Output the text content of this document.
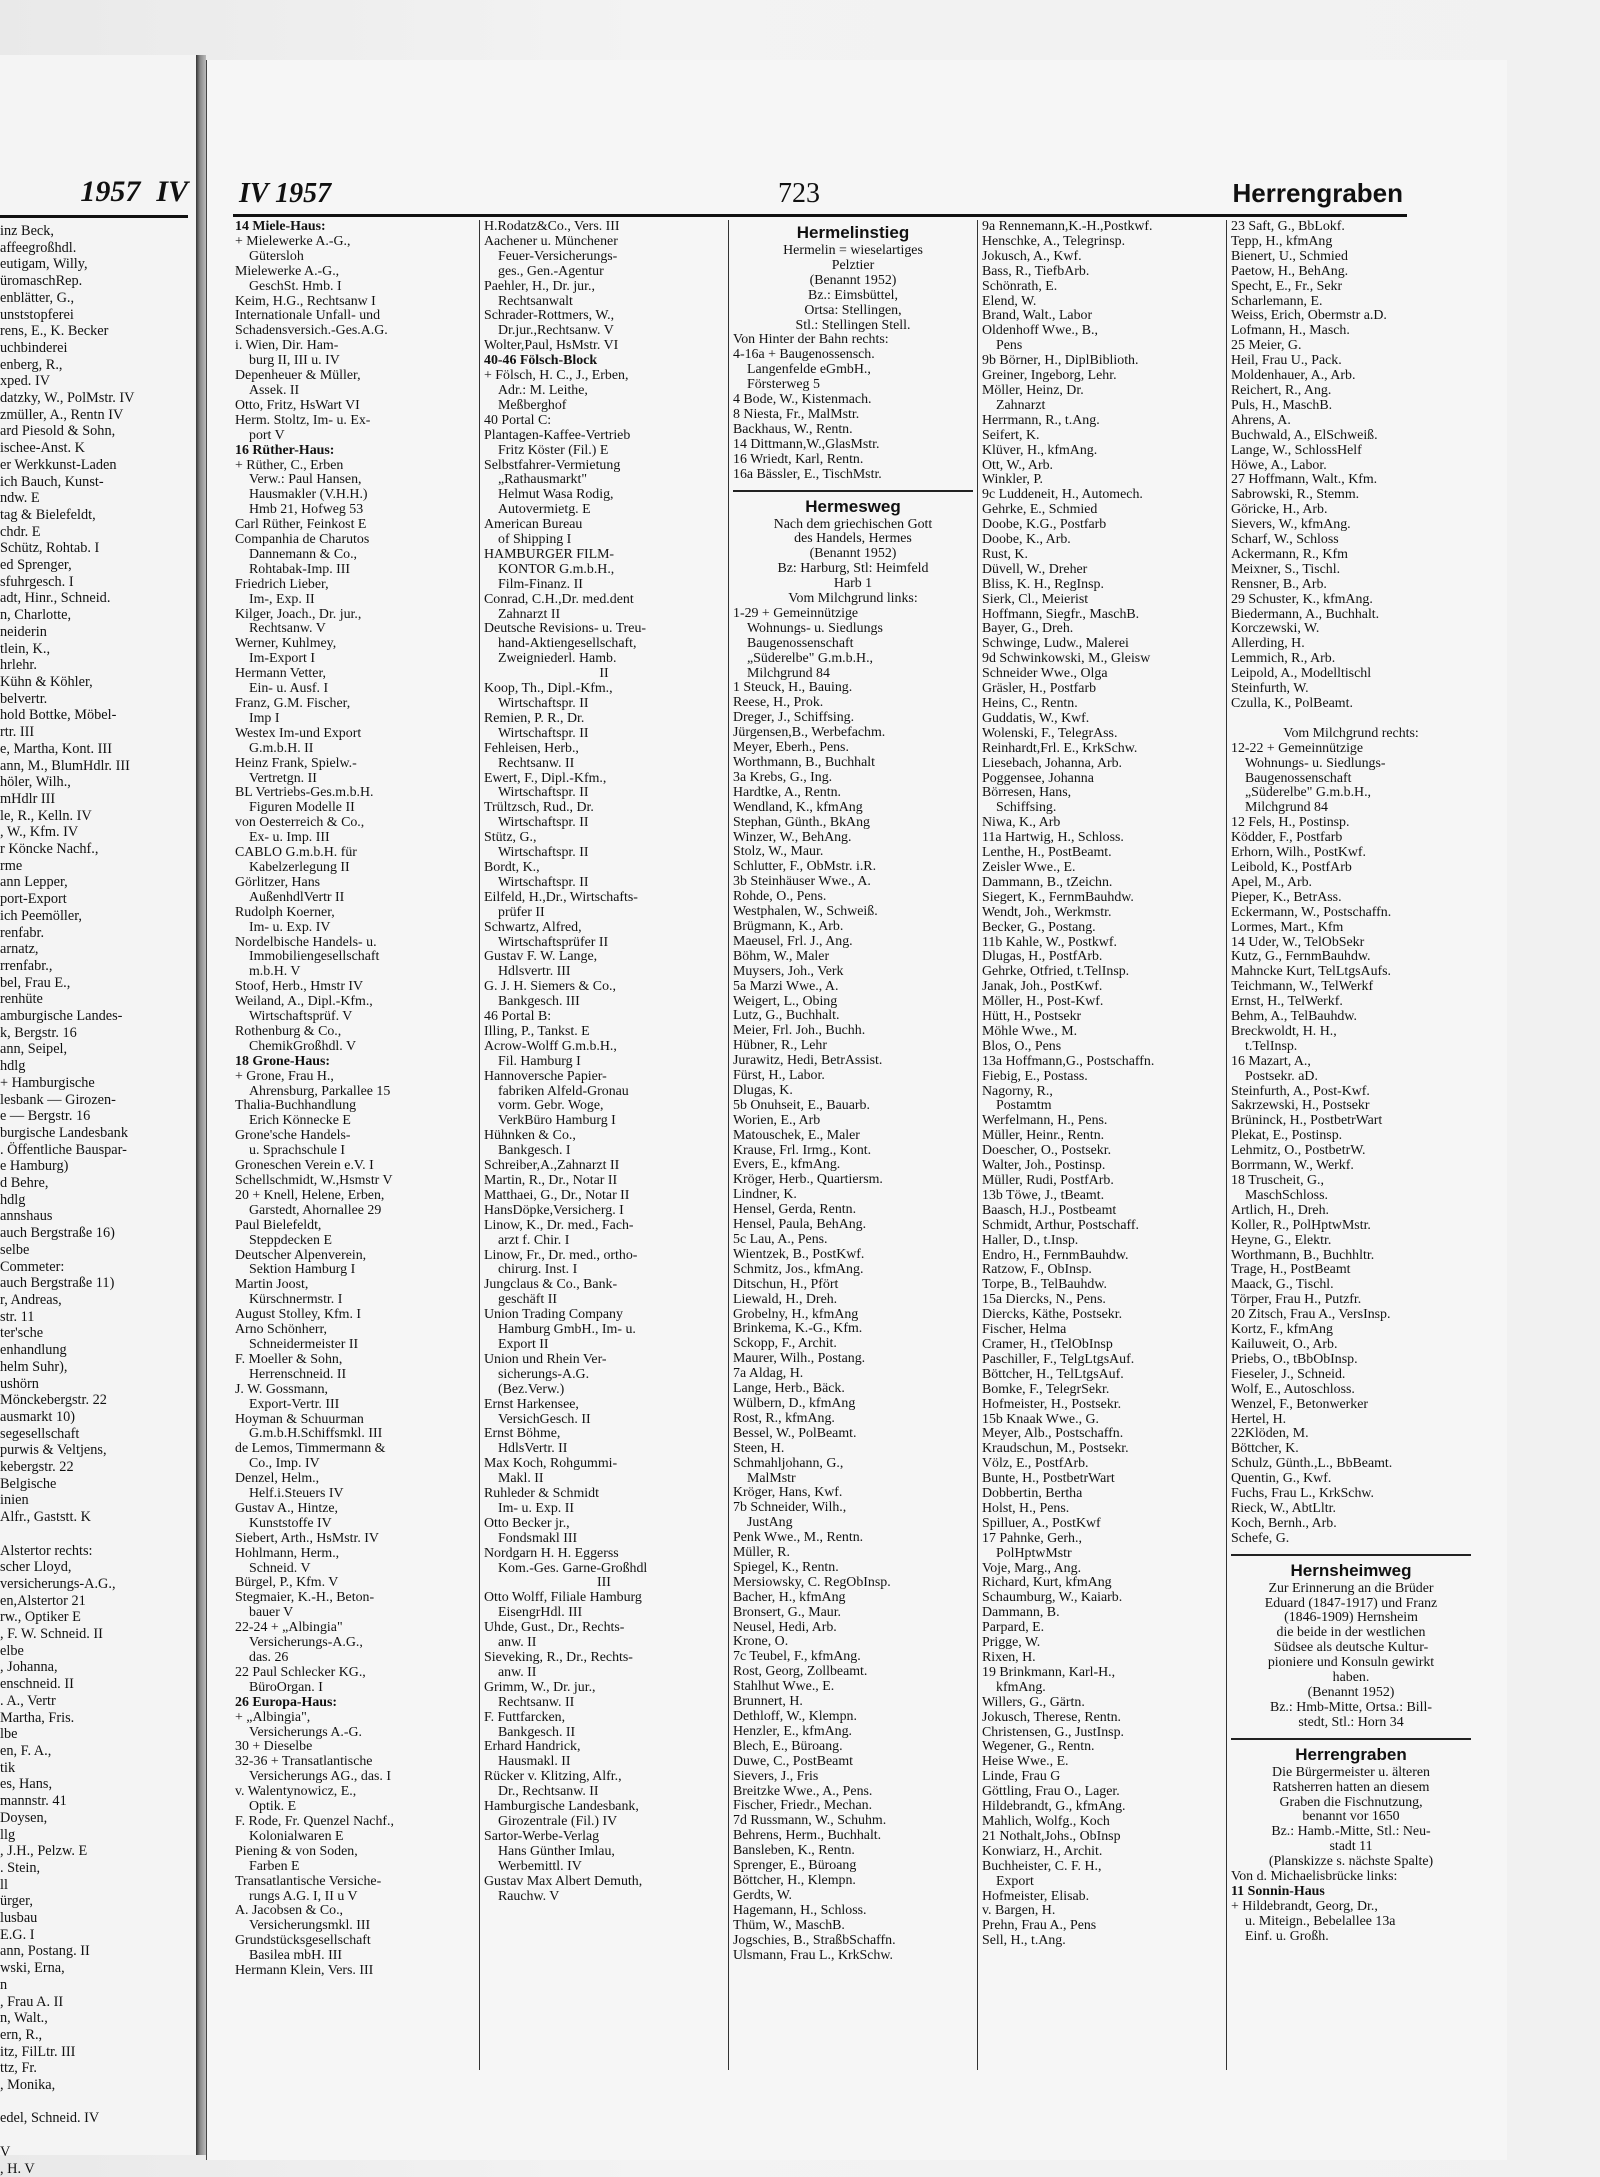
1957 IV
inz Beck,
affeegroßhdl.
eutigam, Willy,
üromaschRep.
enblätter, G.,
unststopferei
rens, E., K. Becker
uchbinderei
enberg, R.,
xped. IV
datzky, W., PolMstr. IV
zmüller, A., Rentn IV
ard Piesold & Sohn,
ischee-Anst. K
er Werkkunst-Laden
ich Bauch, Kunst-
ndw. E
tag & Bielefeldt,
chdr. E
Schütz, Rohtab. I
ed Sprenger,
sfuhrgesch. I
adt, Hinr., Schneid.
n, Charlotte,
neiderin
tlein, K.,
hrlehr.
Kühn & Köhler,
belvertr.
hold Bottke, Möbel-
rtr. III
e, Martha, Kont. III
ann, M., BlumHdlr. III
höler, Wilh.,
mHdlr III
le, R., Kelln. IV
, W., Kfm. IV
r Köncke Nachf.,
rme
ann Lepper,
port-Export
ich Peemöller,
renfabr.
arnatz,
rrenfabr.,
bel, Frau E.,
renhüte
amburgische Landes-
k, Bergstr. 16
ann, Seipel,
hdlg
+ Hamburgische
lesbank — Girozen-
e — Bergstr. 16
burgische Landesbank
. Öffentliche Bauspar-
e Hamburg)
d Behre,
hdlg
annshaus
auch Bergstraße 16)
selbe
Commeter:
auch Bergstraße 11)
r, Andreas,
str. 11
ter'sche
enhandlung
helm Suhr),
ushörn
Mönckebergstr. 22
ausmarkt 10)
segesellschaft
purwis & Veltjens,
kebergstr. 22
Belgische
inien
Alfr., Gaststt. K

Alstertor rechts:
scher Lloyd,
versicherungs-A.G.,
en,Alstertor 21
rw., Optiker E
, F. W. Schneid. II
elbe
, Johanna,
enschneid. II
. A., Vertr
Martha, Fris.
lbe
en, F. A.,
tik
es, Hans,
mannstr. 41
Doysen,
llg
, J.H., Pelzw. E
. Stein,
ll
ürger,
lusbau
E.G. I
ann, Postang. II
wski, Erna,
n
, Frau A. II
n, Walt.,
ern, R.,
itz, FilLtr. III
ttz, Fr.
, Monika,

edel, Schneid. IV

V
, H. V
IV 1957	723	Herrengraben
14 Miele-Haus:
+ Mielewerke A.-G.,
Gütersloh
Mielewerke A.-G.,
GeschSt. Hmb. I
Keim, H.G., Rechtsanw I
Internationale Unfall- und
Schadensversich.-Ges.A.G.
i. Wien, Dir. Ham-
burg II, III u. IV
Depenheuer & Müller,
Assek. II
Otto, Fritz, HsWart VI
Herm. Stoltz, Im- u. Ex-
port V
16 Rüther-Haus:
+ Rüther, C., Erben
Verw.: Paul Hansen,
Hausmakler (V.H.H.)
Hmb 21, Hofweg 53
Carl Rüther, Feinkost E
Companhia de Charutos
Dannemann & Co.,
Rohtabak-Imp. III
Friedrich Lieber,
Im-, Exp. II
Kilger, Joach., Dr. jur.,
Rechtsanw. V
Werner, Kuhlmey,
Im-Export I
Hermann Vetter,
Ein- u. Ausf. I
Franz, G.M. Fischer,
Imp I
Westex Im-und Export
G.m.b.H. II
Heinz Frank, Spielw.-
Vertretgn. II
BL Vertriebs-Ges.m.b.H.
Figuren Modelle II
von Oesterreich & Co.,
Ex- u. Imp. III
CABLO G.m.b.H. für
Kabelzerlegung II
Görlitzer, Hans
AußenhdlVertr II
Rudolph Koerner,
Im- u. Exp. IV
Nordelbische Handels- u.
Immobiliengesellschaft
m.b.H. V
Stoof, Herb., Hmstr IV
Weiland, A., Dipl.-Kfm.,
Wirtschaftsprüf. V
Rothenburg & Co.,
ChemikGroßhdl. V
18 Grone-Haus:
+ Grone, Frau H.,
Ahrensburg, Parkallee 15
Thalia-Buchhandlung
Erich Könnecke E
Grone'sche Handels-
u. Sprachschule I
Groneschen Verein e.V. I
Schellschmidt, W.,Hsmstr V
20 + Knell, Helene, Erben,
Garstedt, Ahornallee 29
Paul Bielefeldt,
Steppdecken E
Deutscher Alpenverein,
Sektion Hamburg I
Martin Joost,
Kürschnermstr. I
August Stolley, Kfm. I
Arno Schönherr,
Schneidermeister II
F. Moeller & Sohn,
Herrenschneid. II
J. W. Gossmann,
Export-Vertr. III
Hoyman & Schuurman
G.m.b.H.Schiffsmkl. III
de Lemos, Timmermann &
Co., Imp. IV
Denzel, Helm.,
Helf.i.Steuers IV
Gustav A., Hintze,
Kunststoffe IV
Siebert, Arth., HsMstr. IV
Hohlmann, Herm.,
Schneid. V
Bürgel, P., Kfm. V
Stegmaier, K.-H., Beton-
bauer V
22-24 + „Albingia"
Versicherungs-A.G.,
das. 26
22 Paul Schlecker KG.,
BüroOrgan. I
26 Europa-Haus:
+ „Albingia",
Versicherungs A.-G.
30 + Dieselbe
32-36 + Transatlantische
Versicherungs AG., das. I
v. Walentynowicz, E.,
Optik. E
F. Rode, Fr. Quenzel Nachf.,
Kolonialwaren E
Piening & von Soden,
Farben E
Transatlantische Versiche-
rungs A.G. I, II u V
A. Jacobsen & Co.,
Versicherungsmkl. III
Grundstücksgesellschaft
Basilea mbH. III
Hermann Klein, Vers. III
H.Rodatz&Co., Vers. III
Aachener u. Münchener
Feuer-Versicherungs-
ges., Gen.-Agentur
Paehler, H., Dr. jur.,
Rechtsanwalt
Schrader-Rottmers, W.,
Dr.jur.,Rechtsanw. V
Wolter,Paul, HsMstr. VI
40-46 Fölsch-Block
+ Fölsch, H. C., J., Erben,
Adr.: M. Leithe,
Meßberghof
40 Portal C:
Plantagen-Kaffee-Vertrieb
Fritz Köster (Fil.) E
Selbstfahrer-Vermietung
„Rathausmarkt"
Helmut Wasa Rodig,
Autovermietg. E
American Bureau
of Shipping I
HAMBURGER FILM-
KONTOR G.m.b.H.,
Film-Finanz. II
Conrad, C.H.,Dr. med.dent
Zahnarzt II
Deutsche Revisions- u. Treu-
hand-Aktiengesellschaft,
Zweigniederl. Hamb.
II
Koop, Th., Dipl.-Kfm.,
Wirtschaftspr. II
Remien, P. R., Dr.
Wirtschaftspr. II
Fehleisen, Herb.,
Rechtsanw. II
Ewert, F., Dipl.-Kfm.,
Wirtschaftspr. II
Trültzsch, Rud., Dr.
Wirtschaftspr. II
Stütz, G.,
Wirtschaftspr. II
Bordt, K.,
Wirtschaftspr. II
Eilfeld, H.,Dr., Wirtschafts-
prüfer II
Schwartz, Alfred,
Wirtschaftsprüfer II
Gustav F. W. Lange,
Hdlsvertr. III
G. J. H. Siemers & Co.,
Bankgesch. III
46 Portal B:
Illing, P., Tankst. E
Acrow-Wolff G.m.b.H.,
Fil. Hamburg I
Hannoversche Papier-
fabriken Alfeld-Gronau
vorm. Gebr. Woge,
VerkBüro Hamburg I
Hühnken & Co.,
Bankgesch. I
Schreiber,A.,Zahnarzt II
Martin, R., Dr., Notar II
Matthaei, G., Dr., Notar II
HansDöpke,Versicherg. I
Linow, K., Dr. med., Fach-
arzt f. Chir. I
Linow, Fr., Dr. med., ortho-
chirurg. Inst. I
Jungclaus & Co., Bank-
geschäft II
Union Trading Company
Hamburg GmbH., Im- u.
Export II
Union und Rhein Ver-
sicherungs-A.G.
(Bez.Verw.)
Ernst Harkensee,
VersichGesch. II
Ernst Böhme,
HdlsVertr. II
Max Koch, Rohgummi-
Makl. II
Ruhleder & Schmidt
Im- u. Exp. II
Otto Becker jr.,
Fondsmakl III
Nordgarn H. H. Eggerss
Kom.-Ges. Garne-Großhdl
III
Otto Wolff, Filiale Hamburg
EisengrHdl. III
Uhde, Gust., Dr., Rechts-
anw. II
Sieveking, R., Dr., Rechts-
anw. II
Grimm, W., Dr. jur.,
Rechtsanw. II
F. Futtfarcken,
Bankgesch. II
Erhard Handrick,
Hausmakl. II
Rücker v. Klitzing, Alfr.,
Dr., Rechtsanw. II
Hamburgische Landesbank,
Girozentrale (Fil.) IV
Sartor-Werbe-Verlag
Hans Günther Imlau,
Werbemittl. IV
Gustav Max Albert Demuth,
Rauchw. V
Hermelinstieg
Hermelin = wieselartiges
Pelztier
(Benannt 1952)
Bz.: Eimsbüttel,
Ortsa: Stellingen,
Stl.: Stellingen Stell.
Von Hinter der Bahn rechts:
4-16a + Baugenossensch.
Langenfelde eGmbH.,
Försterweg 5
4 Bode, W., Kistenmach.
8 Niesta, Fr., MalMstr.
Backhaus, W., Rentn.
14 Dittmann,W.,GlasMstr.
16 Wriedt, Karl, Rentn.
16a Bässler, E., TischMstr.
Hermesweg
Nach dem griechischen Gott
des Handels, Hermes
(Benannt 1952)
Bz: Harburg, Stl: Heimfeld
Harb 1
Vom Milchgrund links:
1-29 + Gemeinnützige
Wohnungs- u. Siedlungs
Baugenossenschaft
„Süderelbe" G.m.b.H.,
Milchgrund 84
1 Steuck, H., Bauing.
Reese, H., Prok.
Dreger, J., Schiffsing.
Jürgensen,B., Werbefachm.
Meyer, Eberh., Pens.
Worthmann, B., Buchhalt
3a Krebs, G., Ing.
Hardtke, A., Rentn.
Wendland, K., kfmAng
Stephan, Günth., BkAng
Winzer, W., BehAng.
Stolz, W., Maur.
Schlutter, F., ObMstr. i.R.
3b Steinhäuser Wwe., A.
Rohde, O., Pens.
Westphalen, W., Schweiß.
Brügmann, K., Arb.
Maeusel, Frl. J., Ang.
Böhm, W., Maler
Muysers, Joh., Verk
5a Marzi Wwe., A.
Weigert, L., Obing
Lutz, G., Buchhalt.
Meier, Frl. Joh., Buchh.
Hübner, R., Lehr
Jurawitz, Hedi, BetrAssist.
Fürst, H., Labor.
Dlugas, K.
5b Onuhseit, E., Bauarb.
Worien, E., Arb
Matouschek, E., Maler
Krause, Frl. Irmg., Kont.
Evers, E., kfmAng.
Kröger, Herb., Quartiersm.
Lindner, K.
Hensel, Gerda, Rentn.
Hensel, Paula, BehAng.
5c Lau, A., Pens.
Wientzek, B., PostKwf.
Schmitz, Jos., kfmAng.
Ditschun, H., Pfört
Liewald, H., Dreh.
Grobelny, H., kfmAng
Brinkema, K.-G., Kfm.
Sckopp, F., Archit.
Maurer, Wilh., Postang.
7a Aldag, H.
Lange, Herb., Bäck.
Wülbern, D., kfmAng
Rost, R., kfmAng.
Bessel, W., PolBeamt.
Steen, H.
Schmahljohann, G.,
MalMstr
Kröger, Hans, Kwf.
7b Schneider, Wilh.,
JustAng
Penk Wwe., M., Rentn.
Müller, R.
Spiegel, K., Rentn.
Mersiowsky, C. RegObInsp.
Bacher, H., kfmAng
Bronsert, G., Maur.
Neusel, Hedi, Arb.
Krone, O.
7c Teubel, F., kfmAng.
Rost, Georg, Zollbeamt.
Stahlhut Wwe., E.
Brunnert, H.
Dethloff, W., Klempn.
Henzler, E., kfmAng.
Blech, E., Büroang.
Duwe, C., PostBeamt
Sievers, J., Fris
Breitzke Wwe., A., Pens.
Fischer, Friedr., Mechan.
7d Russmann, W., Schuhm.
Behrens, Herm., Buchhalt.
Bansleben, K., Rentn.
Sprenger, E., Büroang
Böttcher, H., Klempn.
Gerdts, W.
Hagemann, H., Schloss.
Thüm, W., MaschB.
Jogschies, B., StraßbSchaffn.
Ulsmann, Frau L., KrkSchw.
9a Rennemann,K.-H.,Postkwf.
Henschke, A., Telegrinsp.
Jokusch, A., Kwf.
Bass, R., TiefbArb.
Schönrath, E.
Elend, W.
Brand, Walt., Labor
Oldenhoff Wwe., B.,
Pens
9b Börner, H., DiplBiblioth.
Greiner, Ingeborg, Lehr.
Möller, Heinz, Dr.
Zahnarzt
Herrmann, R., t.Ang.
Seifert, K.
Klüver, H., kfmAng.
Ott, W., Arb.
Winkler, P.
9c Luddeneit, H., Automech.
Gehrke, E., Schmied
Doobe, K.G., Postfarb
Doobe, K., Arb.
Rust, K.
Düvell, W., Dreher
Bliss, K. H., RegInsp.
Sierk, Cl., Meierist
Hoffmann, Siegfr., MaschB.
Bayer, G., Dreh.
Schwinge, Ludw., Malerei
9d Schwinkowski, M., Gleisw
Schneider Wwe., Olga
Gräsler, H., Postfarb
Heins, C., Rentn.
Guddatis, W., Kwf.
Wolenski, F., TelegrAss.
Reinhardt,Frl. E., KrkSchw.
Liesebach, Johanna, Arb.
Poggensee, Johanna
Börresen, Hans,
Schiffsing.
Niwa, K., Arb
11a Hartwig, H., Schloss.
Lenthe, H., PostBeamt.
Zeisler Wwe., E.
Dammann, B., tZeichn.
Siegert, K., FernmBauhdw.
Wendt, Joh., Werkmstr.
Becker, G., Postang.
11b Kahle, W., Postkwf.
Dlugas, H., PostfArb.
Gehrke, Otfried, t.TelInsp.
Janak, Joh., PostKwf.
Möller, H., Post-Kwf.
Hütt, H., Postsekr
Möhle Wwe., M.
Blos, O., Pens
13a Hoffmann,G., Postschaffn.
Fiebig, E., Postass.
Nagorny, R.,
Postamtm
Werfelmann, H., Pens.
Müller, Heinr., Rentn.
Doescher, O., Postsekr.
Walter, Joh., Postinsp.
Müller, Rudi, PostfArb.
13b Töwe, J., tBeamt.
Baasch, H.J., Postbeamt
Schmidt, Arthur, Postschaff.
Haller, D., t.Insp.
Endro, H., FernmBauhdw.
Ratzow, F., ObInsp.
Torpe, B., TelBauhdw.
15a Diercks, N., Pens.
Diercks, Käthe, Postsekr.
Fischer, Helma
Cramer, H., tTelObInsp
Paschiller, F., TelgLtgsAuf.
Böttcher, H., TelLtgsAuf.
Bomke, F., TelegrSekr.
Hofmeister, H., Postsekr.
15b Knaak Wwe., G.
Meyer, Alb., Postschaffn.
Kraudschun, M., Postsekr.
Völz, E., PostfArb.
Bunte, H., PostbetrWart
Dobbertin, Bertha
Holst, H., Pens.
Spilluer, A., PostKwf
17 Pahnke, Gerh.,
PolHptwMstr
Voje, Marg., Ang.
Richard, Kurt, kfmAng
Schaumburg, W., Kaiarb.
Dammann, B.
Parpard, E.
Prigge, W.
Rixen, H.
19 Brinkmann, Karl-H.,
kfmAng.
Willers, G., Gärtn.
Jokusch, Therese, Rentn.
Christensen, G., JustInsp.
Wegener, G., Rentn.
Heise Wwe., E.
Linde, Frau G
Göttling, Frau O., Lager.
Hildebrandt, G., kfmAng.
Mahlich, Wolfg., Koch
21 Nothalt,Johs., ObInsp
Konwiarz, H., Archit.
Buchheister, C. F. H.,
Export
Hofmeister, Elisab.
v. Bargen, H.
Prehn, Frau A., Pens
Sell, H., t.Ang.
23 Saft, G., BbLokf.
Tepp, H., kfmAng
Bienert, U., Schmied
Paetow, H., BehAng.
Specht, E., Fr., Sekr
Scharlemann, E.
Weiss, Erich, Obermstr a.D.
Lofmann, H., Masch.
25 Meier, G.
Heil, Frau U., Pack.
Moldenhauer, A., Arb.
Reichert, R., Ang.
Puls, H., MaschB.
Ahrens, A.
Buchwald, A., ElSchweiß.
Lange, W., SchlossHelf
Höwe, A., Labor.
27 Hoffmann, Walt., Kfm.
Sabrowski, R., Stemm.
Göricke, H., Arb.
Sievers, W., kfmAng.
Scharf, W., Schloss
Ackermann, R., Kfm
Meixner, S., Tischl.
Rensner, B., Arb.
29 Schuster, K., kfmAng.
Biedermann, A., Buchhalt.
Korczewski, W.
Allerding, H.
Lemmich, R., Arb.
Leipold, A., Modelltischl
Steinfurth, W.
Czulla, K., PolBeamt.

Vom Milchgrund rechts:
12-22 + Gemeinnützige
Wohnungs- u. Siedlungs-
Baugenossenschaft
„Süderelbe" G.m.b.H.,
Milchgrund 84
12 Fels, H., Postinsp.
Ködder, F., Postfarb
Erhorn, Wilh., PostKwf.
Leibold, K., PostfArb
Apel, M., Arb.
Pieper, K., BetrAss.
Eckermann, W., Postschaffn.
Lormes, Mart., Kfm
14 Uder, W., TelObSekr
Kutz, G., FernmBauhdw.
Mahncke Kurt, TelLtgsAufs.
Teichmann, W., TelWerkf
Ernst, H., TelWerkf.
Behm, A., TelBauhdw.
Breckwoldt, H. H.,
t.TelInsp.
16 Mazart, A.,
Postsekr. aD.
Steinfurth, A., Post-Kwf.
Sakrzewski, H., Postsekr
Brüninck, H., PostbetrWart
Plekat, E., Postinsp.
Lehmitz, O., PostbetrW.
Borrmann, W., Werkf.
18 Truscheit, G.,
MaschSchloss.
Artlich, H., Dreh.
Koller, R., PolHptwMstr.
Heyne, G., Elektr.
Worthmann, B., Buchhltr.
Trage, H., PostBeamt
Maack, G., Tischl.
Törper, Frau H., Putzfr.
20 Zitsch, Frau A., VersInsp.
Kortz, F., kfmAng
Kailuweit, O., Arb.
Priebs, O., tBbObInsp.
Fieseler, J., Schneid.
Wolf, E., Autoschloss.
Wenzel, F., Betonwerker
Hertel, H.
22Klöden, M.
Böttcher, K.
Schulz, Günth.,L., BbBeamt.
Quentin, G., Kwf.
Fuchs, Frau L., KrkSchw.
Rieck, W., AbtLltr.
Koch, Bernh., Arb.
Schefe, G.
Hernsheimweg
Zur Erinnerung an die Brüder
Eduard (1847-1917) und Franz
(1846-1909) Hernsheim
die beide in der westlichen
Südsee als deutsche Kultur-
pioniere und Konsuln gewirkt
haben.
(Benannt 1952)
Bz.: Hmb-Mitte, Ortsa.: Bill-
stedt, Stl.: Horn 34
Herrengraben
Die Bürgermeister u. älteren
Ratsherren hatten an diesem
Graben die Fischnutzung,
benannt vor 1650
Bz.: Hamb.-Mitte, Stl.: Neu-
stadt 11
(Planskizze s. nächste Spalte)
Von d. Michaelisbrücke links:
11 Sonnin-Haus
+ Hildebrandt, Georg, Dr.,
u. Miteign., Bebelallee 13a
Einf. u. Großh.
